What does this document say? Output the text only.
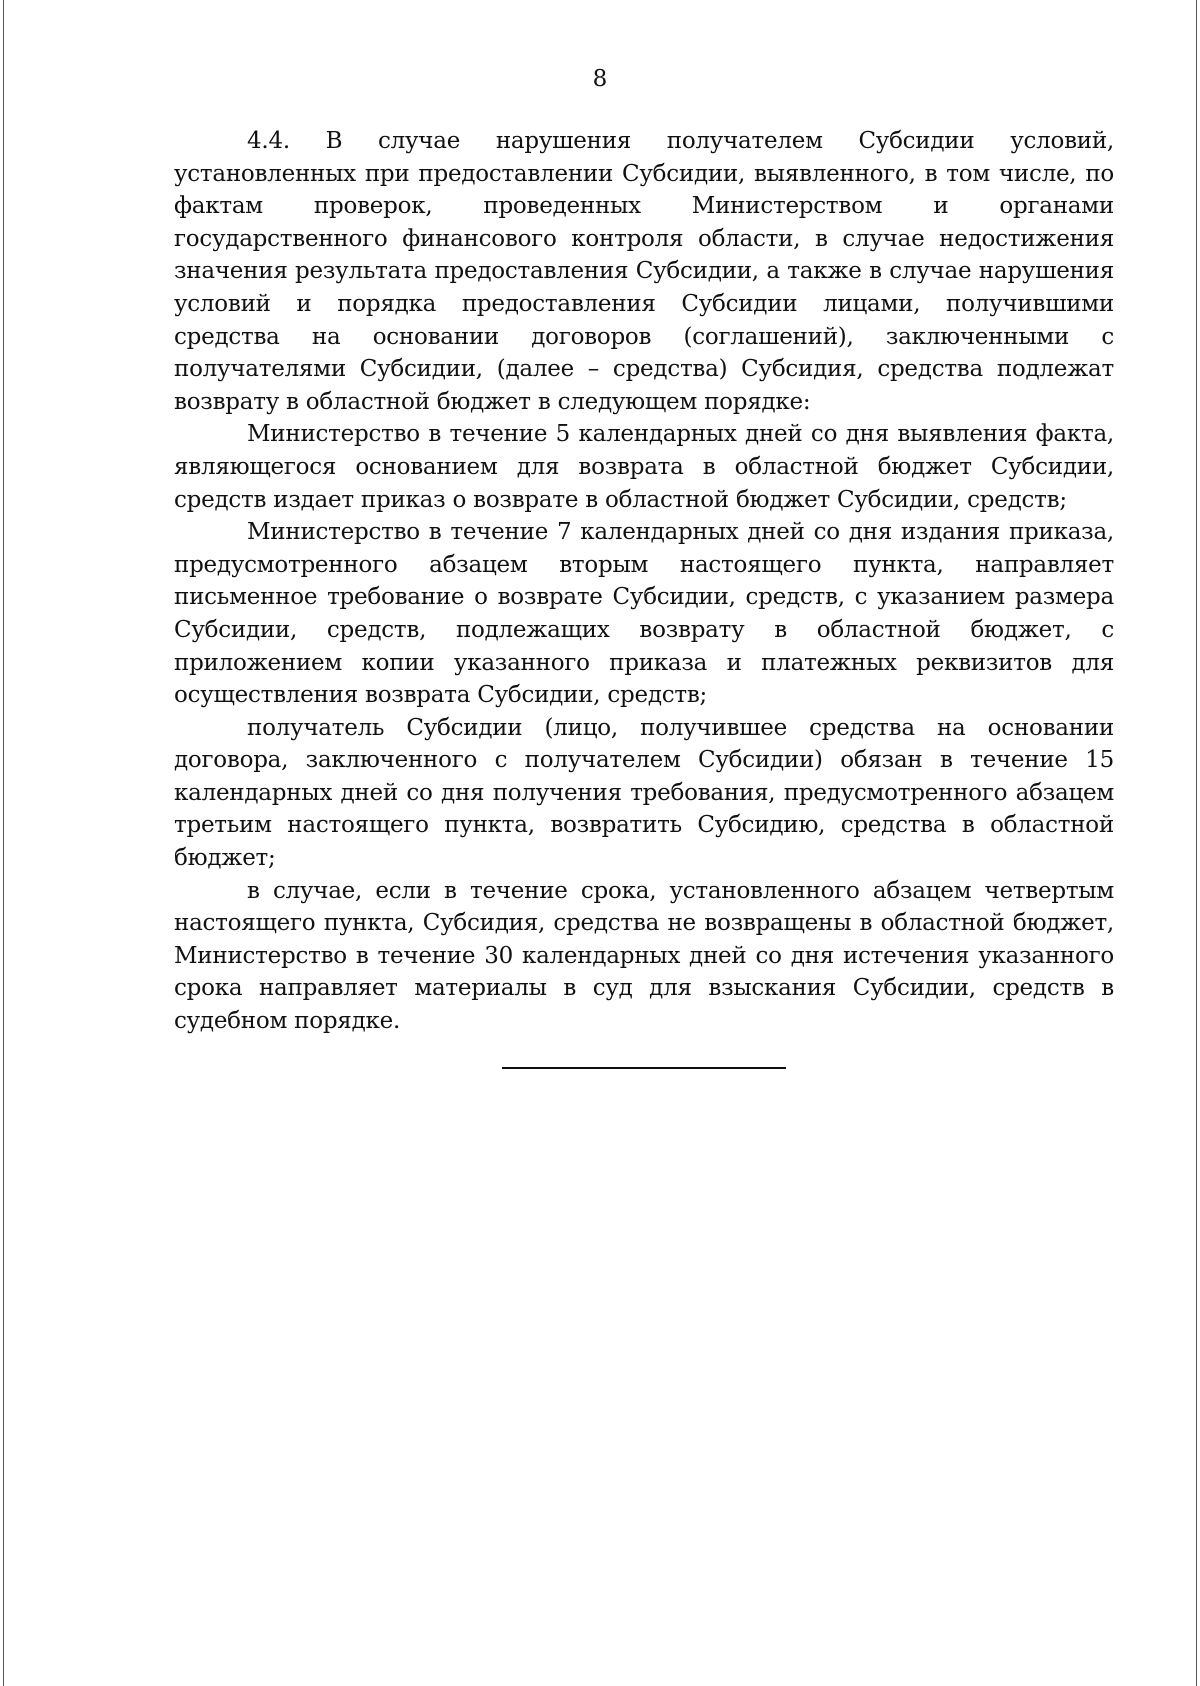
8

4.4. В случае нарушения получателем Субсидии условий, установленных при предоставлении Субсидии, выявленного, в том числе, по фактам проверок, проведенных Министерством и органами государственного финансового контроля области, в случае недостижения значения результата предоставления Субсидии, а также в случае нарушения условий и порядка предоставления Субсидии лицами, получившими средства на основании договоров (соглашений), заключенными с получателями Субсидии, (далее – средства) Субсидия, средства подлежат возврату в областной бюджет в следующем порядке:

Министерство в течение 5 календарных дней со дня выявления факта, являющегося основанием для возврата в областной бюджет Субсидии, средств издает приказ о возврате в областной бюджет Субсидии, средств;

Министерство в течение 7 календарных дней со дня издания приказа, предусмотренного абзацем вторым настоящего пункта, направляет письменное требование о возврате Субсидии, средств, с указанием размера Субсидии, средств, подлежащих возврату в областной бюджет, с приложением копии указанного приказа и платежных реквизитов для осуществления возврата Субсидии, средств;

получатель Субсидии (лицо, получившее средства на основании договора, заключенного с получателем Субсидии) обязан в течение 15 календарных дней со дня получения требования, предусмотренного абзацем третьим настоящего пункта, возвратить Субсидию, средства в областной бюджет;

в случае, если в течение срока, установленного абзацем четвертым настоящего пункта, Субсидия, средства не возвращены в областной бюджет, Министерство в течение 30 календарных дней со дня истечения указанного срока направляет материалы в суд для взыскания Субсидии, средств в судебном порядке.
